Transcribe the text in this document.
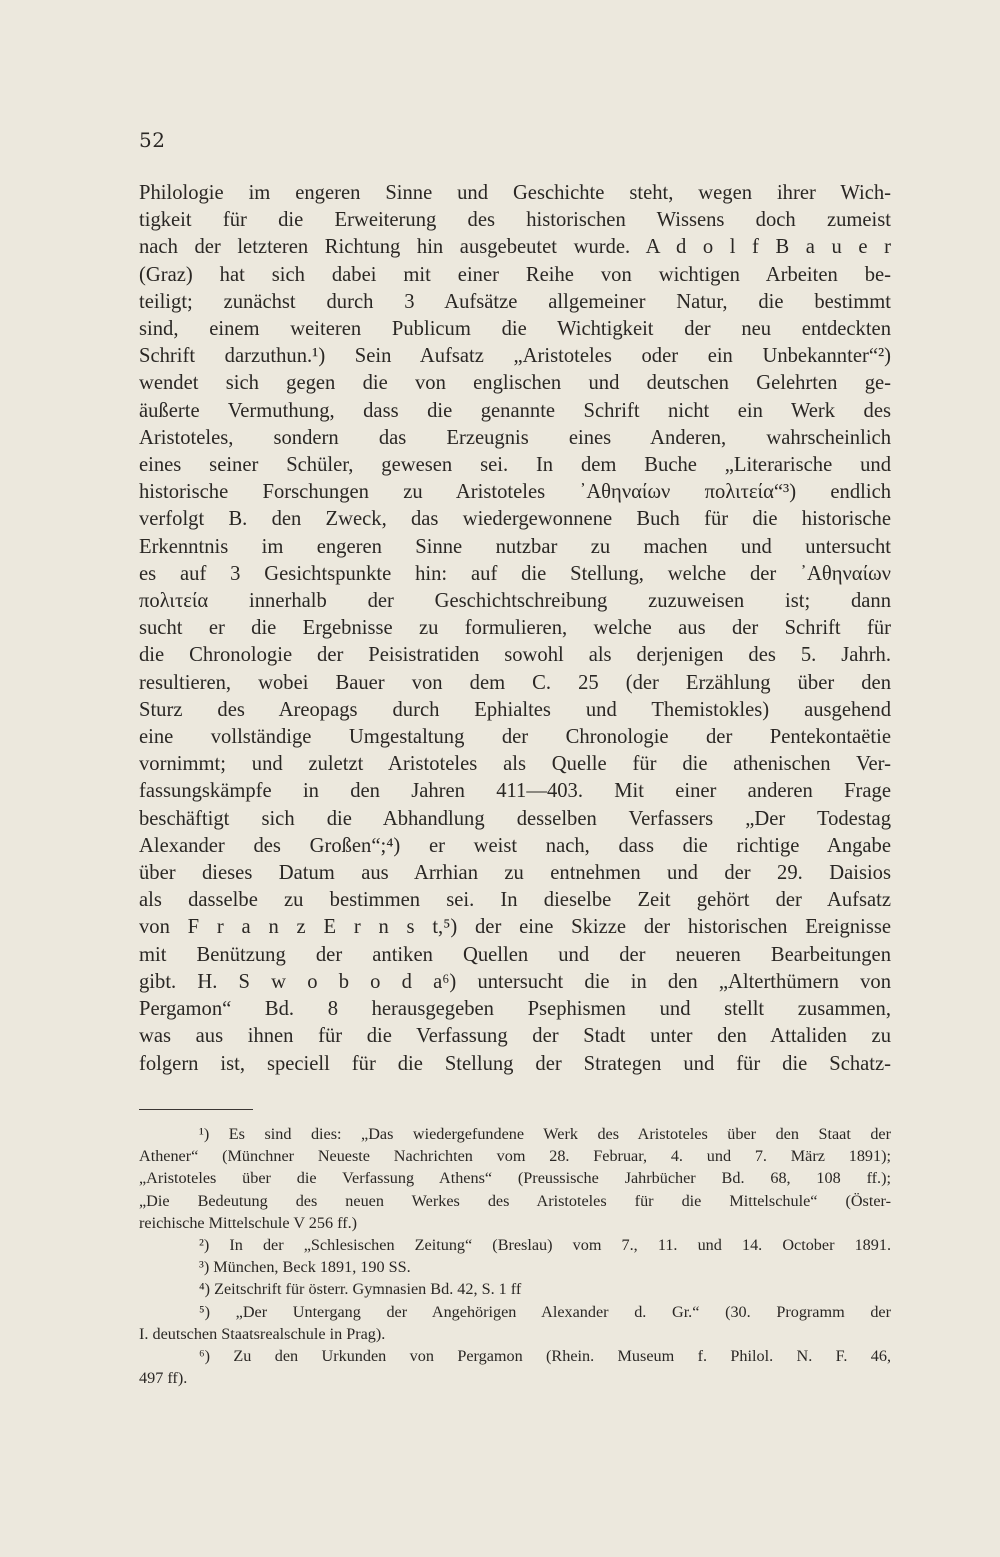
52
Philologie im engeren Sinne und Geschichte steht, wegen ihrer Wich-
tigkeit für die Erweiterung des historischen Wissens doch zumeist
nach der letzteren Richtung hin ausgebeutet wurde. A d o l f B a u e r
(Graz) hat sich dabei mit einer Reihe von wichtigen Arbeiten be-
teiligt; zunächst durch 3 Aufsätze allgemeiner Natur, die bestimmt
sind, einem weiteren Publicum die Wichtigkeit der neu entdeckten
Schrift darzuthun.¹) Sein Aufsatz „Aristoteles oder ein Unbekannter“²)
wendet sich gegen die von englischen und deutschen Gelehrten ge-
äußerte Vermuthung, dass die genannte Schrift nicht ein Werk des
Aristoteles, sondern das Erzeugnis eines Anderen, wahrscheinlich
eines seiner Schüler, gewesen sei. In dem Buche „Literarische und
historische Forschungen zu Aristoteles ᾿Αθηναίων πολιτεία“³) endlich
verfolgt B. den Zweck, das wiedergewonnene Buch für die historische
Erkenntnis im engeren Sinne nutzbar zu machen und untersucht
es auf 3 Gesichtspunkte hin: auf die Stellung, welche der ᾿Αθηναίων
πολιτεία innerhalb der Geschichtschreibung zuzuweisen ist; dann
sucht er die Ergebnisse zu formulieren, welche aus der Schrift für
die Chronologie der Peisistratiden sowohl als derjenigen des 5. Jahrh.
resultieren, wobei Bauer von dem C. 25 (der Erzählung über den
Sturz des Areopags durch Ephialtes und Themistokles) ausgehend
eine vollständige Umgestaltung der Chronologie der Pentekontaëtie
vornimmt; und zuletzt Aristoteles als Quelle für die athenischen Ver-
fassungskämpfe in den Jahren 411—403. Mit einer anderen Frage
beschäftigt sich die Abhandlung desselben Verfassers „Der Todestag
Alexander des Großen“;⁴) er weist nach, dass die richtige Angabe
über dieses Datum aus Arrhian zu entnehmen und der 29. Daisios
als dasselbe zu bestimmen sei. In dieselbe Zeit gehört der Aufsatz
von F r a n z E r n s t,⁵) der eine Skizze der historischen Ereignisse
mit Benützung der antiken Quellen und der neueren Bearbeitungen
gibt. H. S w o b o d a⁶) untersucht die in den „Alterthümern von
Pergamon“ Bd. 8 herausgegeben Psephismen und stellt zusammen,
was aus ihnen für die Verfassung der Stadt unter den Attaliden zu
folgern ist, speciell für die Stellung der Strategen und für die Schatz-
¹) Es sind dies: „Das wiedergefundene Werk des Aristoteles über den Staat der
Athener“ (Münchner Neueste Nachrichten vom 28. Februar, 4. und 7. März 1891);
„Aristoteles über die Verfassung Athens“ (Preussische Jahrbücher Bd. 68, 108 ff.);
„Die Bedeutung des neuen Werkes des Aristoteles für die Mittelschule“ (Öster-
reichische Mittelschule V 256 ff.)
²) In der „Schlesischen Zeitung“ (Breslau) vom 7., 11. und 14. October 1891.
³) München, Beck 1891, 190 SS.
⁴) Zeitschrift für österr. Gymnasien Bd. 42, S. 1 ff
⁵) „Der Untergang der Angehörigen Alexander d. Gr.“ (30. Programm der
I. deutschen Staatsrealschule in Prag).
⁶) Zu den Urkunden von Pergamon (Rhein. Museum f. Philol. N. F. 46,
497 ff).
